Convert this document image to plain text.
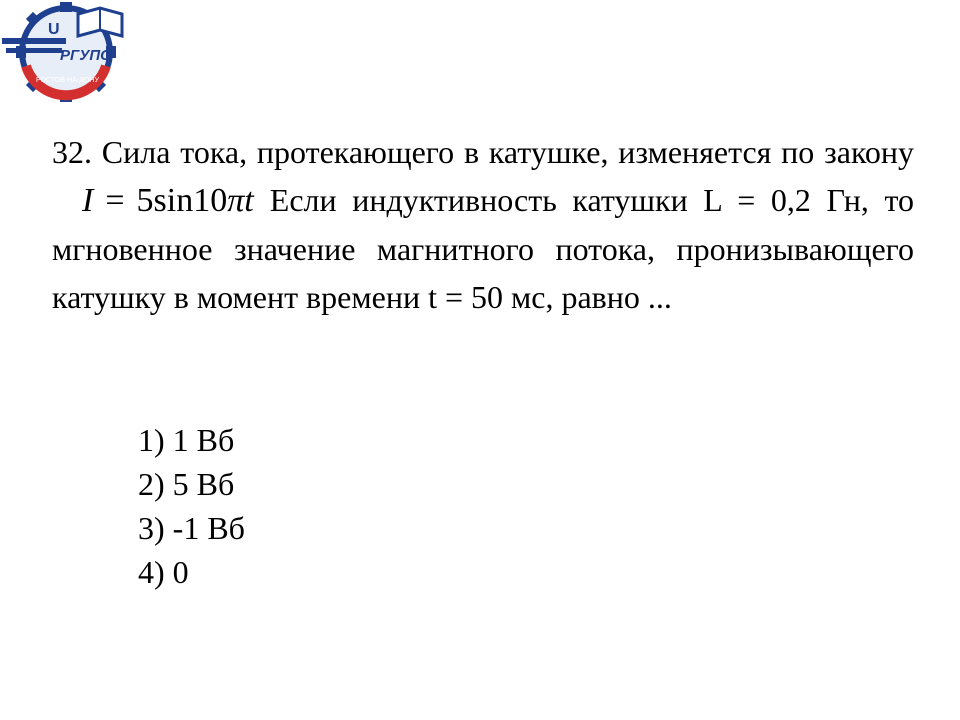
U
РГУПС
РОСТОВ-НА-ДОНУ
32. Сила тока, протекающего в катушке, изменяется по закону I = 5sin10πt Если индуктивность катушки L = 0,2 Гн, то мгновенное значение магнитного потока, пронизывающего катушку в момент времени t = 50 мс, равно ...
1) 1 Вб
2) 5 Вб
3) -1 Вб
4) 0
